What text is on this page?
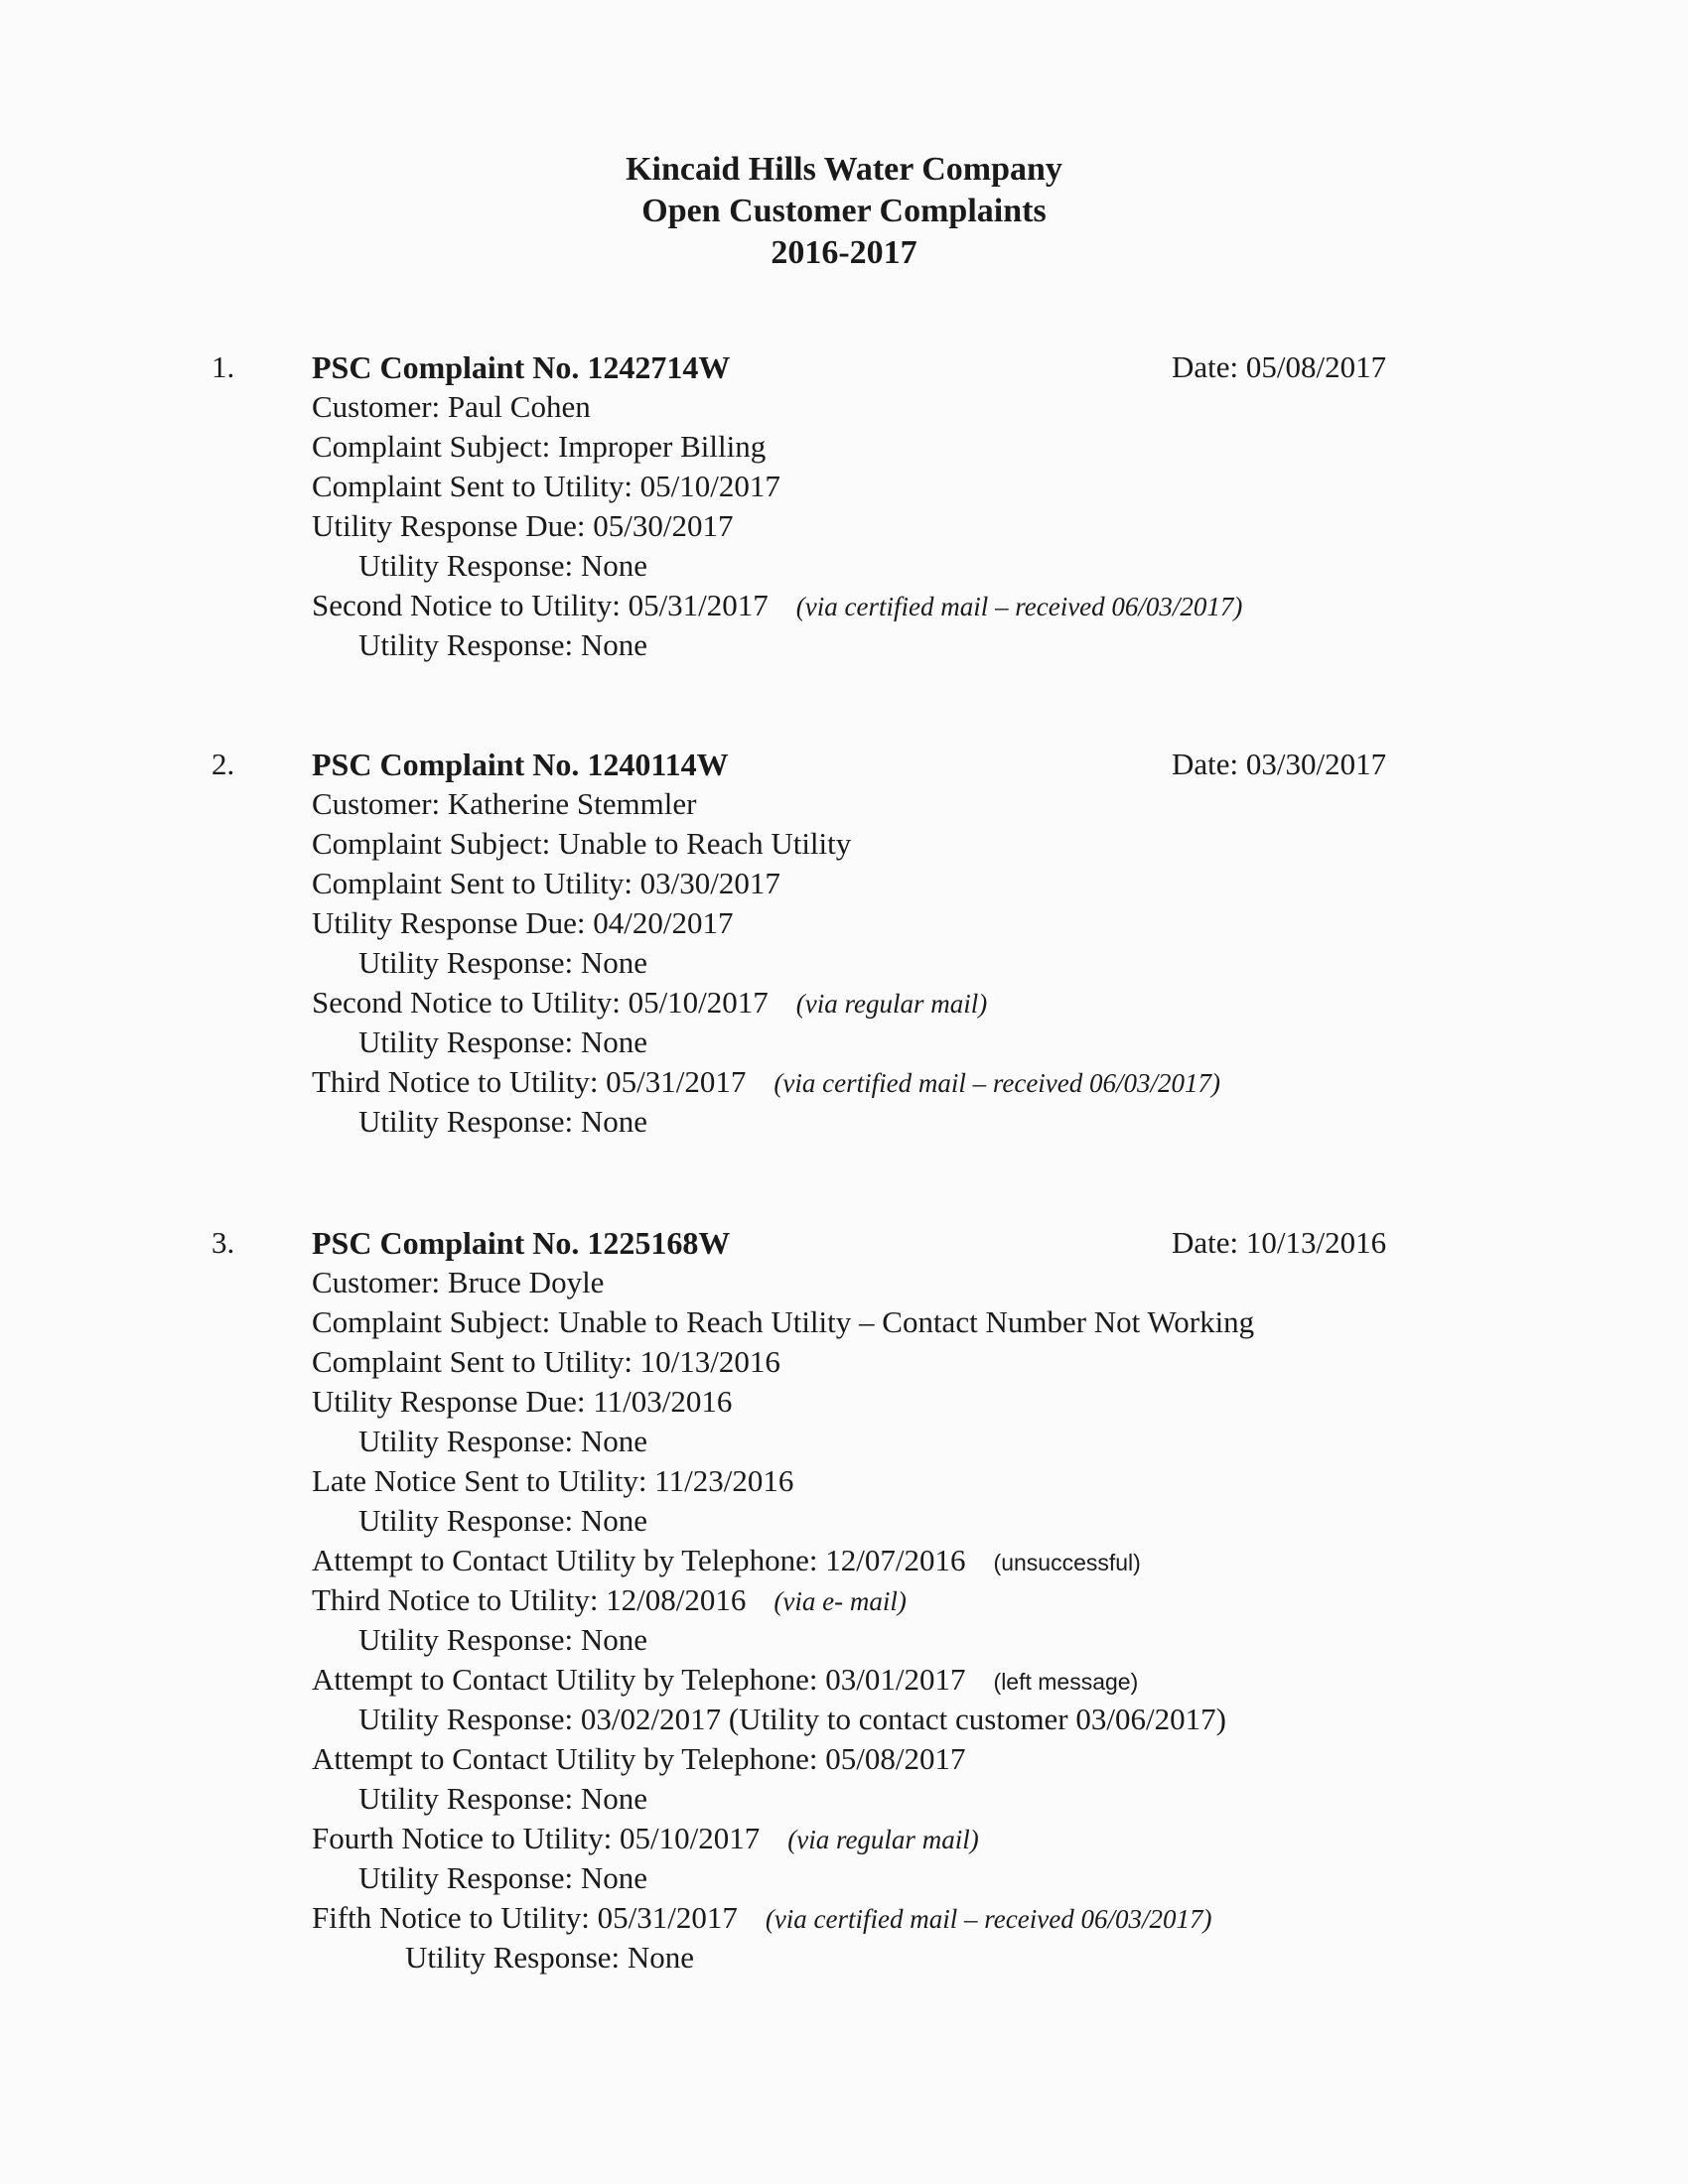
Kincaid Hills Water Company
Open Customer Complaints
2016-2017
1. PSC Complaint No. 1242714W	Date: 05/08/2017
Customer: Paul Cohen
Complaint Subject: Improper Billing
Complaint Sent to Utility: 05/10/2017
Utility Response Due: 05/30/2017
Utility Response: None
Second Notice to Utility: 05/31/2017 (via certified mail – received 06/03/2017)
Utility Response: None
2. PSC Complaint No. 1240114W	Date: 03/30/2017
Customer: Katherine Stemmler
Complaint Subject: Unable to Reach Utility
Complaint Sent to Utility: 03/30/2017
Utility Response Due: 04/20/2017
Utility Response: None
Second Notice to Utility: 05/10/2017 (via regular mail)
Utility Response: None
Third Notice to Utility: 05/31/2017 (via certified mail – received 06/03/2017)
Utility Response: None
3. PSC Complaint No. 1225168W	Date: 10/13/2016
Customer: Bruce Doyle
Complaint Subject: Unable to Reach Utility – Contact Number Not Working
Complaint Sent to Utility: 10/13/2016
Utility Response Due: 11/03/2016
Utility Response: None
Late Notice Sent to Utility: 11/23/2016
Utility Response: None
Attempt to Contact Utility by Telephone: 12/07/2016 (unsuccessful)
Third Notice to Utility: 12/08/2016 (via e- mail)
Utility Response: None
Attempt to Contact Utility by Telephone: 03/01/2017 (left message)
Utility Response: 03/02/2017 (Utility to contact customer 03/06/2017)
Attempt to Contact Utility by Telephone: 05/08/2017
Utility Response: None
Fourth Notice to Utility: 05/10/2017 (via regular mail)
Utility Response: None
Fifth Notice to Utility: 05/31/2017 (via certified mail – received 06/03/2017)
Utility Response: None
